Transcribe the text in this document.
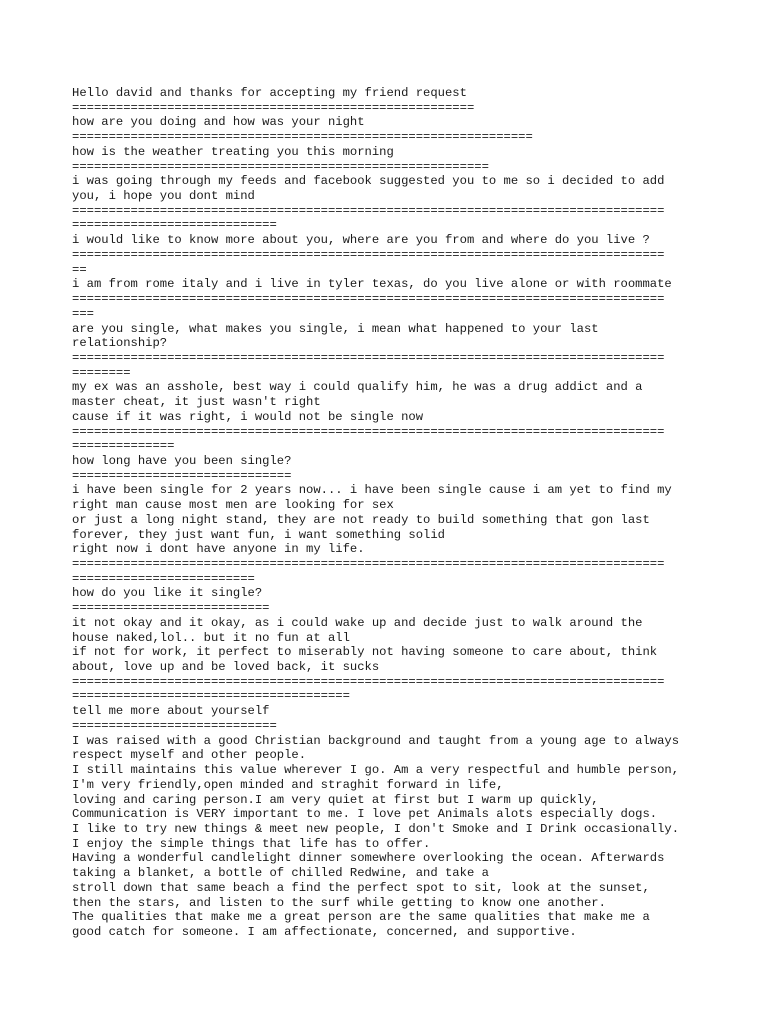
Hello david and thanks for accepting my friend request
=======================================================
how are you doing and how was your night
===============================================================
how is the weather treating you this morning
=========================================================
i was going through my feeds and facebook suggested you to me so i decided to add
you, i hope you dont mind
=================================================================================
============================
i would like to know more about you, where are you from and where do you live ?
=================================================================================
==
i am from rome italy and i live in tyler texas, do you live alone or with roommate
=================================================================================
===
are you single, what makes you single, i mean what happened to your last
relationship?
=================================================================================
========
my ex was an asshole, best way i could qualify him, he was a drug addict and a
master cheat, it just wasn't right
cause if it was right, i would not be single now
=================================================================================
==============
how long have you been single?
==============================
i have been single for 2 years now... i have been single cause i am yet to find my
right man cause most men are looking for sex
or just a long night stand, they are not ready to build something that gon last
forever, they just want fun, i want something solid
right now i dont have anyone in my life.
=================================================================================
=========================
how do you like it single?
===========================
it not okay and it okay, as i could wake up and decide just to walk around the
house naked,lol.. but it no fun at all
if not for work, it perfect to miserably not having someone to care about, think
about, love up and be loved back, it sucks
=================================================================================
======================================
tell me more about yourself
============================
I was raised with a good Christian background and taught from a young age to always
respect myself and other people.
I still maintains this value wherever I go. Am a very respectful and humble person,
I'm very friendly,open minded and straghit forward in life,
loving and caring person.I am very quiet at first but I warm up quickly,
Communication is VERY important to me. I love pet Animals alots especially dogs.
I like to try new things & meet new people, I don't Smoke and I Drink occasionally.
I enjoy the simple things that life has to offer.
Having a wonderful candlelight dinner somewhere overlooking the ocean. Afterwards
taking a blanket, a bottle of chilled Redwine, and take a
stroll down that same beach a find the perfect spot to sit, look at the sunset,
then the stars, and listen to the surf while getting to know one another.
The qualities that make me a great person are the same qualities that make me a
good catch for someone. I am affectionate, concerned, and supportive.
